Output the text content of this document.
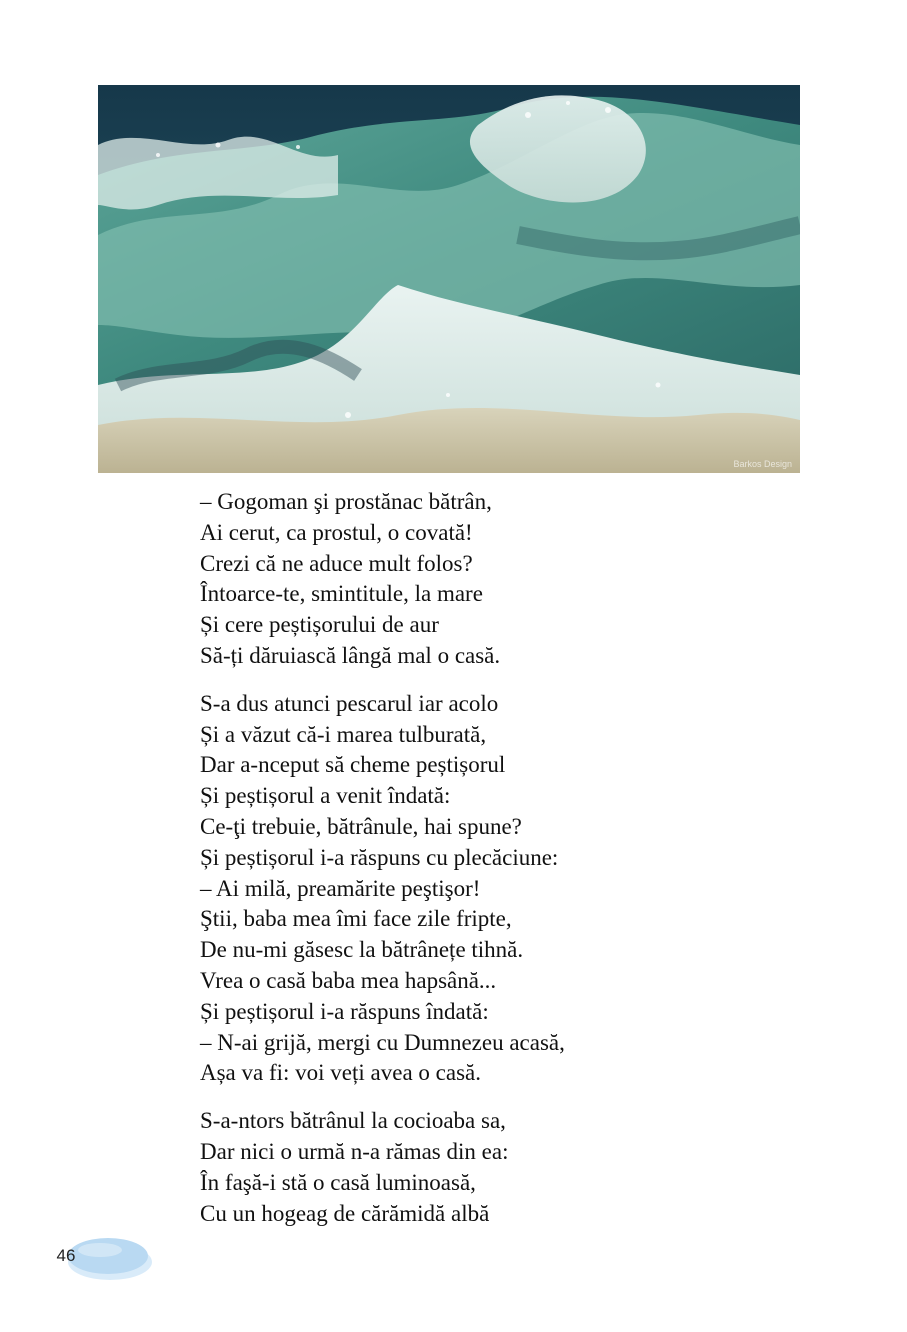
Barkos Design
– Gogoman şi prostănac bătrân,
Ai cerut, ca prostul, o covată!
Crezi că ne aduce mult folos?
Întoarce-te, smintitule, la mare
Și cere peștișorului de aur
Să-ți dăruiască lângă mal o casă.
S-a dus atunci pescarul iar acolo
Și a văzut că-i marea tulburată,
Dar a-nceput să cheme peștișorul
Și peștișorul a venit îndată:
Ce-ţi trebuie, bătrânule, hai spune?
Și peștișorul i-a răspuns cu plecăciune:
– Ai milă, preamărite peştişor!
Ştii, baba mea îmi face zile fripte,
De nu-mi găsesc la bătrânețe tihnă.
Vrea o casă baba mea hapsână...
Și peștișorul i-a răspuns îndată:
– N-ai grijă, mergi cu Dumnezeu acasă,
Așa va fi: voi veți avea o casă.
S-a-ntors bătrânul la cocioaba sa,
Dar nici o urmă n-a rămas din ea:
În faşă-i stă o casă luminoasă,
Cu un hogeag de cărămidă albă
46
